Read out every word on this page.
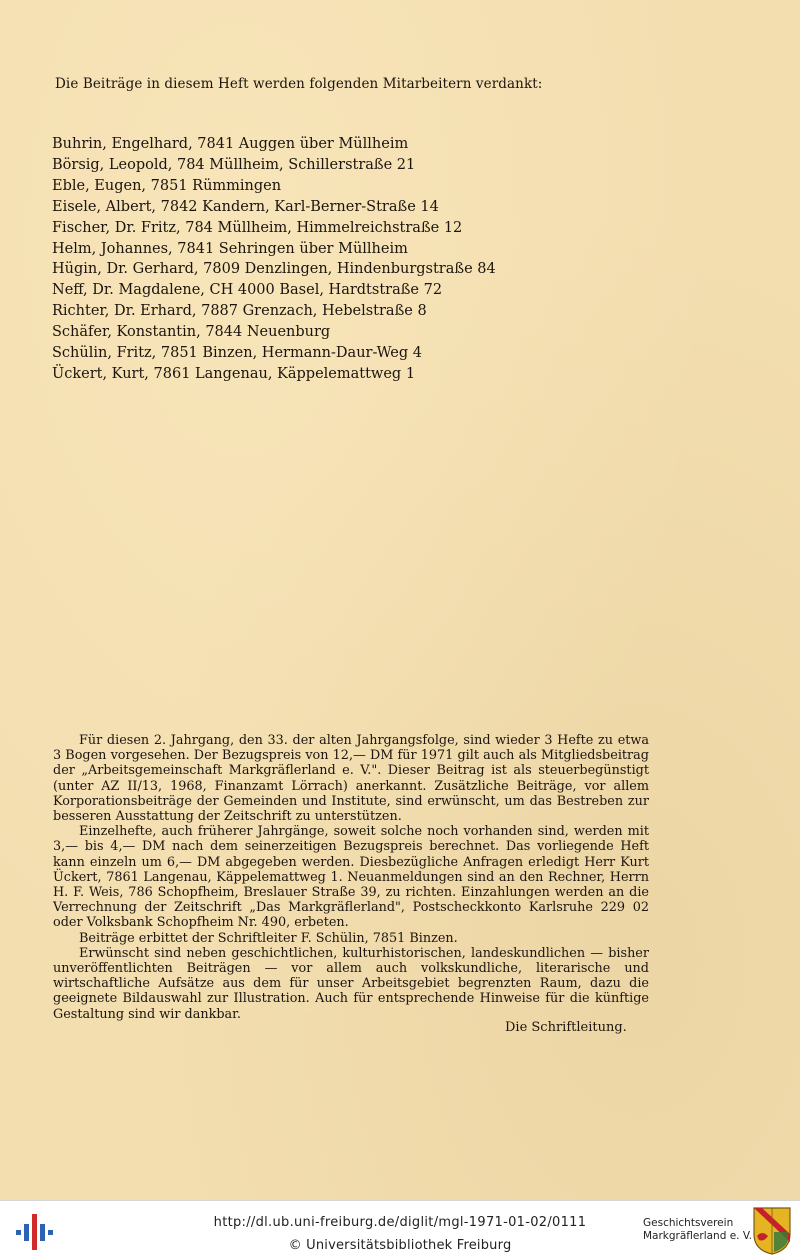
Die Beiträge in diesem Heft werden folgenden Mitarbeitern verdankt:

Buhrin, Engelhard, 7841 Auggen über Müllheim
Börsig, Leopold, 784 Müllheim, Schillerstraße 21
Eble, Eugen, 7851 Rümmingen
Eisele, Albert, 7842 Kandern, Karl-Berner-Straße 14
Fischer, Dr. Fritz, 784 Müllheim, Himmelreichstraße 12
Helm, Johannes, 7841 Sehringen über Müllheim
Hügin, Dr. Gerhard, 7809 Denzlingen, Hindenburgstraße 84
Neff, Dr. Magdalene, CH 4000 Basel, Hardtstraße 72
Richter, Dr. Erhard, 7887 Grenzach, Hebelstraße 8
Schäfer, Konstantin, 7844 Neuenburg
Schülin, Fritz, 7851 Binzen, Hermann-Daur-Weg 4
Ückert, Kurt, 7861 Langenau, Käppelemattweg 1

Für diesen 2. Jahrgang, den 33. der alten Jahrgangsfolge, sind wieder 3 Hefte zu etwa 3 Bogen vorgesehen. Der Bezugspreis von 12,— DM für 1971 gilt auch als Mitgliedsbeitrag der „Arbeitsgemeinschaft Markgräflerland e. V.". Dieser Beitrag ist als steuerbegünstigt (unter AZ II/13, 1968, Finanzamt Lörrach) anerkannt. Zusätzliche Beiträge, vor allem Korporationsbeiträge der Gemeinden und Institute, sind erwünscht, um das Bestreben zur besseren Ausstattung der Zeitschrift zu unterstützen.

Einzelhefte, auch früherer Jahrgänge, soweit solche noch vorhanden sind, werden mit 3,— bis 4,— DM nach dem seinerzeitigen Bezugspreis berechnet. Das vorliegende Heft kann einzeln um 6,— DM abgegeben werden. Diesbezügliche Anfragen erledigt Herr Kurt Ückert, 7861 Langenau, Käppelemattweg 1. Neuanmeldungen sind an den Rechner, Herrn H. F. Weis, 786 Schopfheim, Breslauer Straße 39, zu richten. Einzahlungen werden an die Verrechnung der Zeitschrift „Das Markgräflerland", Postscheckkonto Karlsruhe 229 02 oder Volksbank Schopfheim Nr. 490, erbeten.

Beiträge erbittet der Schriftleiter F. Schülin, 7851 Binzen.

Erwünscht sind neben geschichtlichen, kulturhistorischen, landeskundlichen — bisher unveröffentlichten Beiträgen — vor allem auch volkskundliche, literarische und wirtschaftliche Aufsätze aus dem für unser Arbeitsgebiet begrenzten Raum, dazu die geeignete Bildauswahl zur Illustration. Auch für entsprechende Hinweise für die künftige Gestaltung sind wir dankbar.

Die Schriftleitung.

http://dl.ub.uni-freiburg.de/diglit/mgl-1971-01-02/0111
© Universitätsbibliothek Freiburg
Geschichtsverein
Markgräflerland e. V.
